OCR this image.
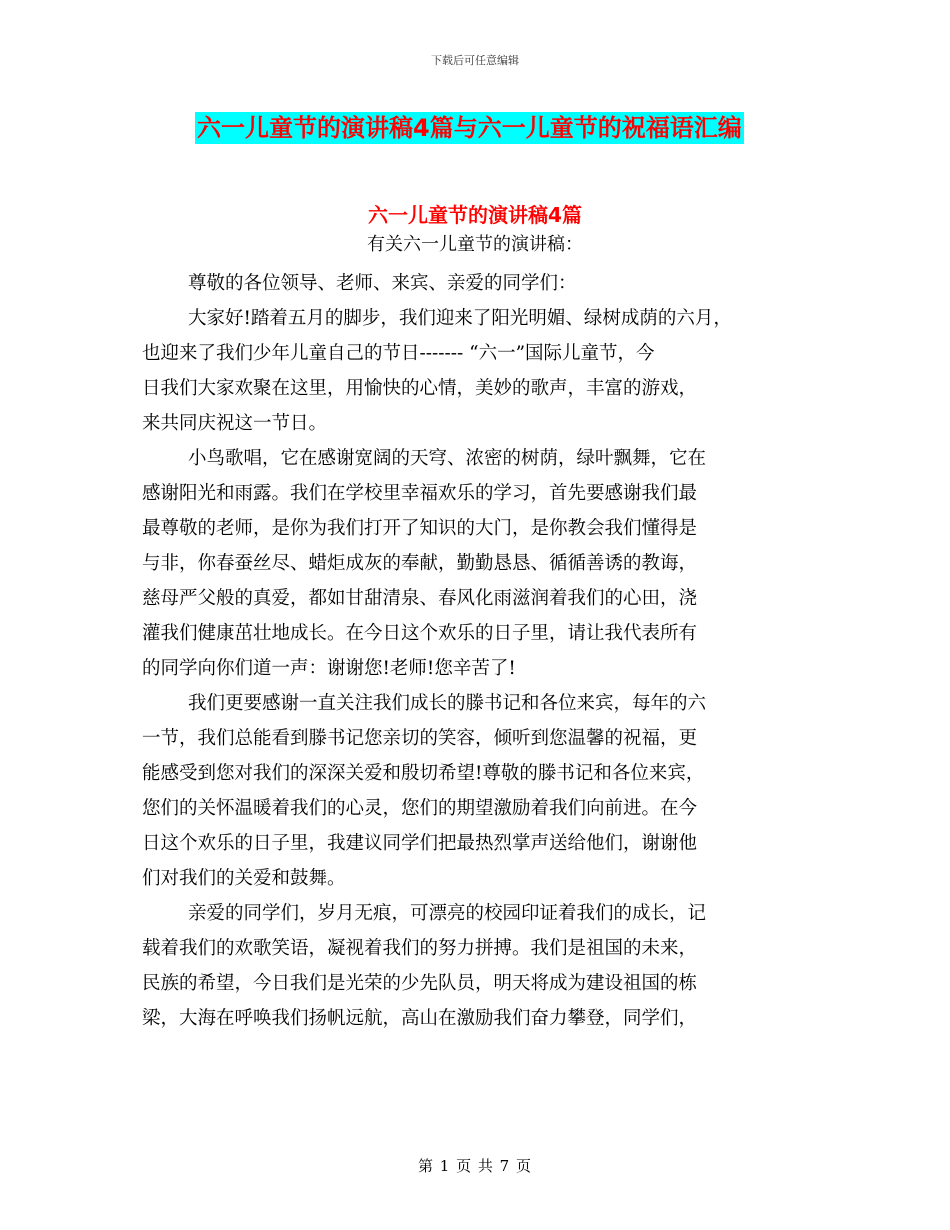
下载后可任意编辑
六一儿童节的演讲稿4篇与六一儿童节的祝福语汇编
六一儿童节的演讲稿4篇
有关六一儿童节的演讲稿：
尊敬的各位领导、老师、来宾、亲爱的同学们：
大家好!踏着五月的脚步，我们迎来了阳光明媚、绿树成荫的六月，
也迎来了我们少年儿童自己的节日------- “六一”国际儿童节，今
日我们大家欢聚在这里，用愉快的心情，美妙的歌声，丰富的游戏，
来共同庆祝这一节日。
小鸟歌唱，它在感谢宽阔的天穹、浓密的树荫，绿叶飘舞，它在
感谢阳光和雨露。我们在学校里幸福欢乐的学习，首先要感谢我们最
最尊敬的老师，是你为我们打开了知识的大门，是你教会我们懂得是
与非，你春蚕丝尽、蜡炬成灰的奉献，勤勤恳恳、循循善诱的教诲，
慈母严父般的真爱，都如甘甜清泉、春风化雨滋润着我们的心田，浇
灌我们健康茁壮地成长。在今日这个欢乐的日子里，请让我代表所有
的同学向你们道一声：谢谢您!老师!您辛苦了!
我们更要感谢一直关注我们成长的滕书记和各位来宾，每年的六
一节，我们总能看到滕书记您亲切的笑容，倾听到您温馨的祝福，更
能感受到您对我们的深深关爱和殷切希望!尊敬的滕书记和各位来宾，
您们的关怀温暖着我们的心灵，您们的期望激励着我们向前进。在今
日这个欢乐的日子里，我建议同学们把最热烈掌声送给他们，谢谢他
们对我们的关爱和鼓舞。
亲爱的同学们，岁月无痕，可漂亮的校园印证着我们的成长，记
载着我们的欢歌笑语，凝视着我们的努力拼搏。我们是祖国的未来，
民族的希望，今日我们是光荣的少先队员，明天将成为建设祖国的栋
梁，大海在呼唤我们扬帆远航，高山在激励我们奋力攀登，同学们，
第 1 页 共 7 页
